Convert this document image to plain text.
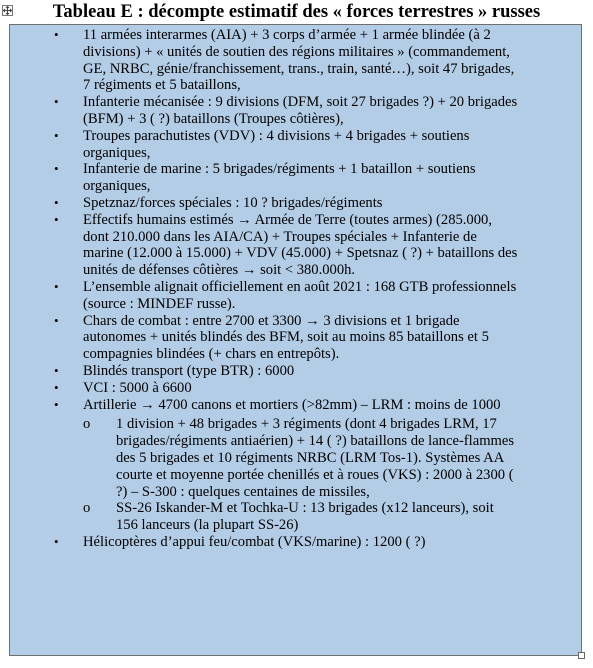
Tableau E : décompte estimatif des « forces terrestres » russes
• 11 armées interarmes (AIA) + 3 corps d’armée + 1 armée blindée (à 2 divisions) + « unités de soutien des régions militaires » (commandement, GE, NRBC, génie/franchissement, trans., train, santé…), soit 47 brigades, 7 régiments et 5 bataillons,
• Infanterie mécanisée : 9 divisions (DFM, soit 27 brigades ?) + 20 brigades (BFM) + 3 ( ?) bataillons (Troupes côtières),
• Troupes parachutistes (VDV) : 4 divisions + 4 brigades + soutiens organiques,
• Infanterie de marine : 5 brigades/régiments + 1 bataillon + soutiens organiques,
• Spetznaz/forces spéciales : 10 ? brigades/régiments
• Effectifs humains estimés → Armée de Terre (toutes armes) (285.000, dont 210.000 dans les AIA/CA) + Troupes spéciales + Infanterie de marine (12.000 à 15.000) + VDV (45.000) + Spetsnaz ( ?) + bataillons des unités de défenses côtières → soit < 380.000h.
• L’ensemble alignait officiellement en août 2021 : 168 GTB professionnels (source : MINDEF russe).
• Chars de combat : entre 2700 et 3300 → 3 divisions et 1 brigade autonomes + unités blindés des BFM, soit au moins 85 bataillons et 5 compagnies blindées (+ chars en entrepôts).
• Blindés transport (type BTR) : 6000
• VCI : 5000 à 6600
• Artillerie → 4700 canons et mortiers (>82mm) – LRM : moins de 1000
o 1 division + 48 brigades + 3 régiments (dont 4 brigades LRM, 17 brigades/régiments antiaérien) + 14 ( ?) bataillons de lance-flammes des 5 brigades et 10 régiments NRBC (LRM Tos-1). Systèmes AA courte et moyenne portée chenillés et à roues (VKS) : 2000 à 2300 ( ?) – S-300 : quelques centaines de missiles,
o SS-26 Iskander-M et Tochka-U : 13 brigades (x12 lanceurs), soit 156 lanceurs (la plupart SS-26)
• Hélicoptères d’appui feu/combat (VKS/marine) : 1200 ( ?)
